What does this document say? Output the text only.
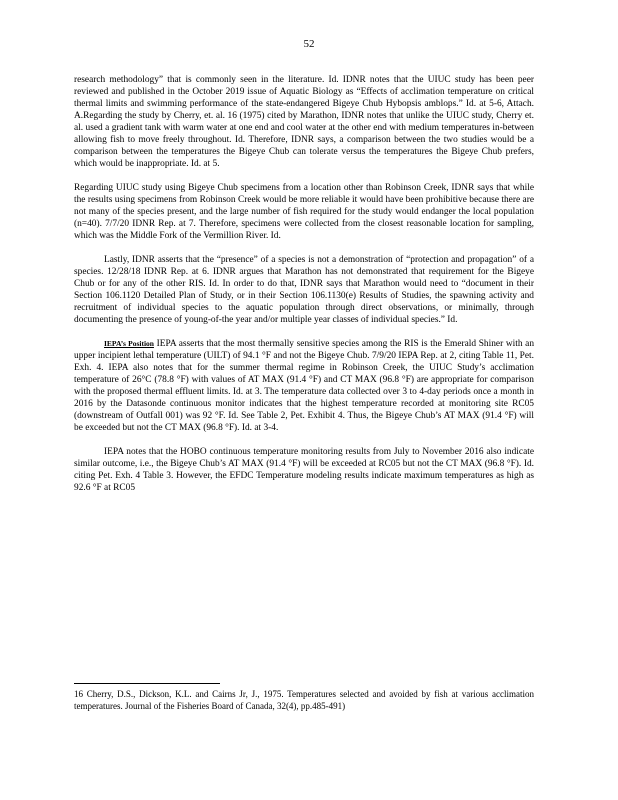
52

research methodology” that is commonly seen in the literature. Id. IDNR notes that the UIUC study has been peer reviewed and published in the October 2019 issue of Aquatic Biology as “Effects of acclimation temperature on critical thermal limits and swimming performance of the state-endangered Bigeye Chub Hybopsis amblops.” Id. at 5-6, Attach. A.Regarding the study by Cherry, et. al. 16 (1975) cited by Marathon, IDNR notes that unlike the UIUC study, Cherry et. al. used a gradient tank with warm water at one end and cool water at the other end with medium temperatures in-between allowing fish to move freely throughout. Id. Therefore, IDNR says, a comparison between the two studies would be a comparison between the temperatures the Bigeye Chub can tolerate versus the temperatures the Bigeye Chub prefers, which would be inappropriate. Id. at 5.

Regarding UIUC study using Bigeye Chub specimens from a location other than Robinson Creek, IDNR says that while the results using specimens from Robinson Creek would be more reliable it would have been prohibitive because there are not many of the species present, and the large number of fish required for the study would endanger the local population (n=40). 7/7/20 IDNR Rep. at 7. Therefore, specimens were collected from the closest reasonable location for sampling, which was the Middle Fork of the Vermillion River. Id.

Lastly, IDNR asserts that the “presence” of a species is not a demonstration of “protection and propagation” of a species. 12/28/18 IDNR Rep. at 6. IDNR argues that Marathon has not demonstrated that requirement for the Bigeye Chub or for any of the other RIS. Id. In order to do that, IDNR says that Marathon would need to “document in their Section 106.1120 Detailed Plan of Study, or in their Section 106.1130(e) Results of Studies, the spawning activity and recruitment of individual species to the aquatic population through direct observations, or minimally, through documenting the presence of young-of-the year and/or multiple year classes of individual species.” Id.

IEPA’s Position IEPA asserts that the most thermally sensitive species among the RIS is the Emerald Shiner with an upper incipient lethal temperature (UILT) of 94.1 °F and not the Bigeye Chub. 7/9/20 IEPA Rep. at 2, citing Table 11, Pet. Exh. 4. IEPA also notes that for the summer thermal regime in Robinson Creek, the UIUC Study’s acclimation temperature of 26°C (78.8 °F) with values of AT MAX (91.4 °F) and CT MAX (96.8 °F) are appropriate for comparison with the proposed thermal effluent limits. Id. at 3. The temperature data collected over 3 to 4-day periods once a month in 2016 by the Datasonde continuous monitor indicates that the highest temperature recorded at monitoring site RC05 (downstream of Outfall 001) was 92 °F. Id. See Table 2, Pet. Exhibit 4. Thus, the Bigeye Chub’s AT MAX (91.4 °F) will be exceeded but not the CT MAX (96.8 °F). Id. at 3-4.

IEPA notes that the HOBO continuous temperature monitoring results from July to November 2016 also indicate similar outcome, i.e., the Bigeye Chub’s AT MAX (91.4 °F) will be exceeded at RC05 but not the CT MAX (96.8 °F). Id. citing Pet. Exh. 4 Table 3. However, the EFDC Temperature modeling results indicate maximum temperatures as high as 92.6 °F at RC05

16 Cherry, D.S., Dickson, K.L. and Cairns Jr, J., 1975. Temperatures selected and avoided by fish at various acclimation temperatures. Journal of the Fisheries Board of Canada, 32(4), pp.485-491)
